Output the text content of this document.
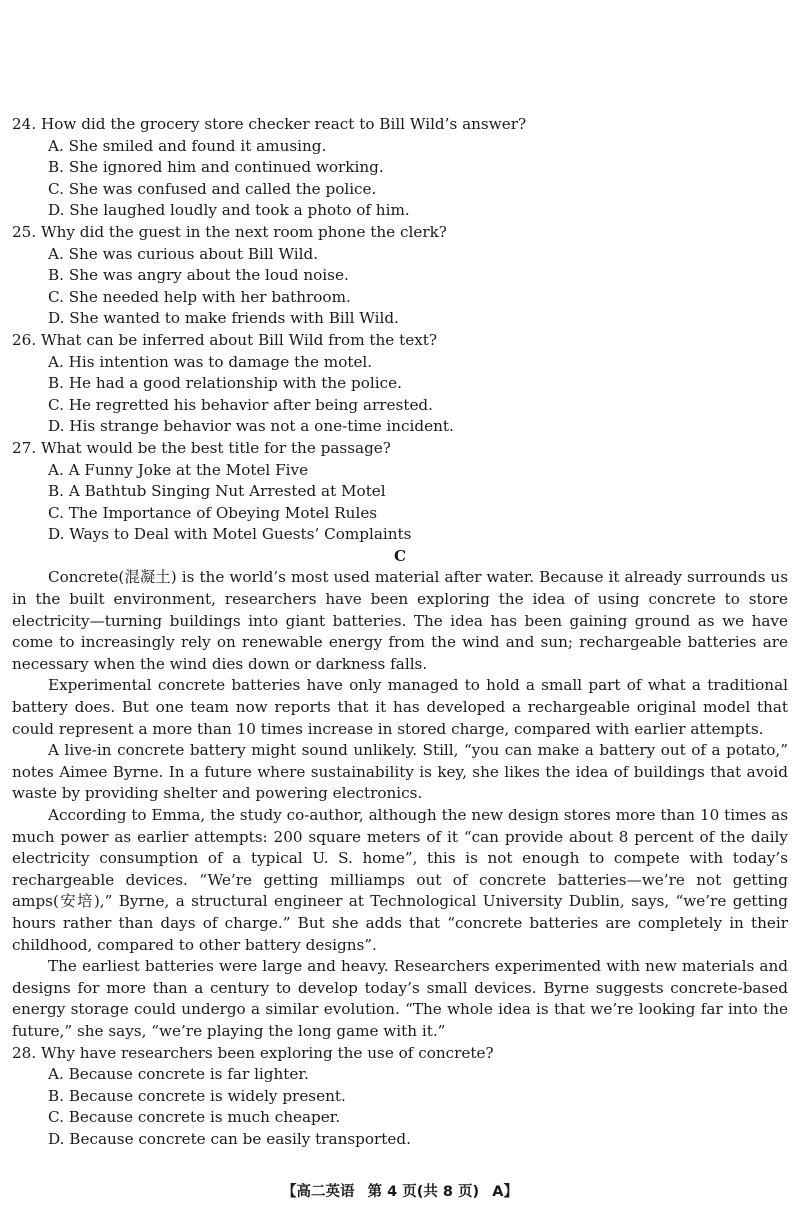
24. How did the grocery store checker react to Bill Wild’s answer?

A. She smiled and found it amusing.

B. She ignored him and continued working.

C. She was confused and called the police.

D. She laughed loudly and took a photo of him.

25. Why did the guest in the next room phone the clerk?

A. She was curious about Bill Wild.

B. She was angry about the loud noise.

C. She needed help with her bathroom.

D. She wanted to make friends with Bill Wild.

26. What can be inferred about Bill Wild from the text?

A. His intention was to damage the motel.

B. He had a good relationship with the police.

C. He regretted his behavior after being arrested.

D. His strange behavior was not a one-time incident.

27. What would be the best title for the passage?

A. A Funny Joke at the Motel Five

B. A Bathtub Singing Nut Arrested at Motel

C. The Importance of Obeying Motel Rules

D. Ways to Deal with Motel Guests’ Complaints

C

Concrete(混凝土) is the world’s most used material after water. Because it already surrounds us in the built environment, researchers have been exploring the idea of using concrete to store electricity—turning buildings into giant batteries. The idea has been gaining ground as we have come to increasingly rely on renewable energy from the wind and sun; rechargeable batteries are necessary when the wind dies down or darkness falls.

Experimental concrete batteries have only managed to hold a small part of what a traditional battery does. But one team now reports that it has developed a rechargeable original model that could represent a more than 10 times increase in stored charge, compared with earlier attempts.

A live-in concrete battery might sound unlikely. Still, “you can make a battery out of a potato,” notes Aimee Byrne. In a future where sustainability is key, she likes the idea of buildings that avoid waste by providing shelter and powering electronics.

According to Emma, the study co-author, although the new design stores more than 10 times as much power as earlier attempts: 200 square meters of it “can provide about 8 percent of the daily electricity consumption of a typical U. S. home”, this is not enough to compete with today’s rechargeable devices. “We’re getting milliamps out of concrete batteries—we’re not getting amps(安培),” Byrne, a structural engineer at Technological University Dublin, says, “we’re getting hours rather than days of charge.” But she adds that “concrete batteries are completely in their childhood, compared to other battery designs”.

The earliest batteries were large and heavy. Researchers experimented with new materials and designs for more than a century to develop today’s small devices. Byrne suggests concrete-based energy storage could undergo a similar evolution. “The whole idea is that we’re looking far into the future,” she says, “we’re playing the long game with it.”

28. Why have researchers been exploring the use of concrete?

A. Because concrete is far lighter.

B. Because concrete is widely present.

C. Because concrete is much cheaper.

D. Because concrete can be easily transported.

【高二英语 第 4 页(共 8 页) A】
